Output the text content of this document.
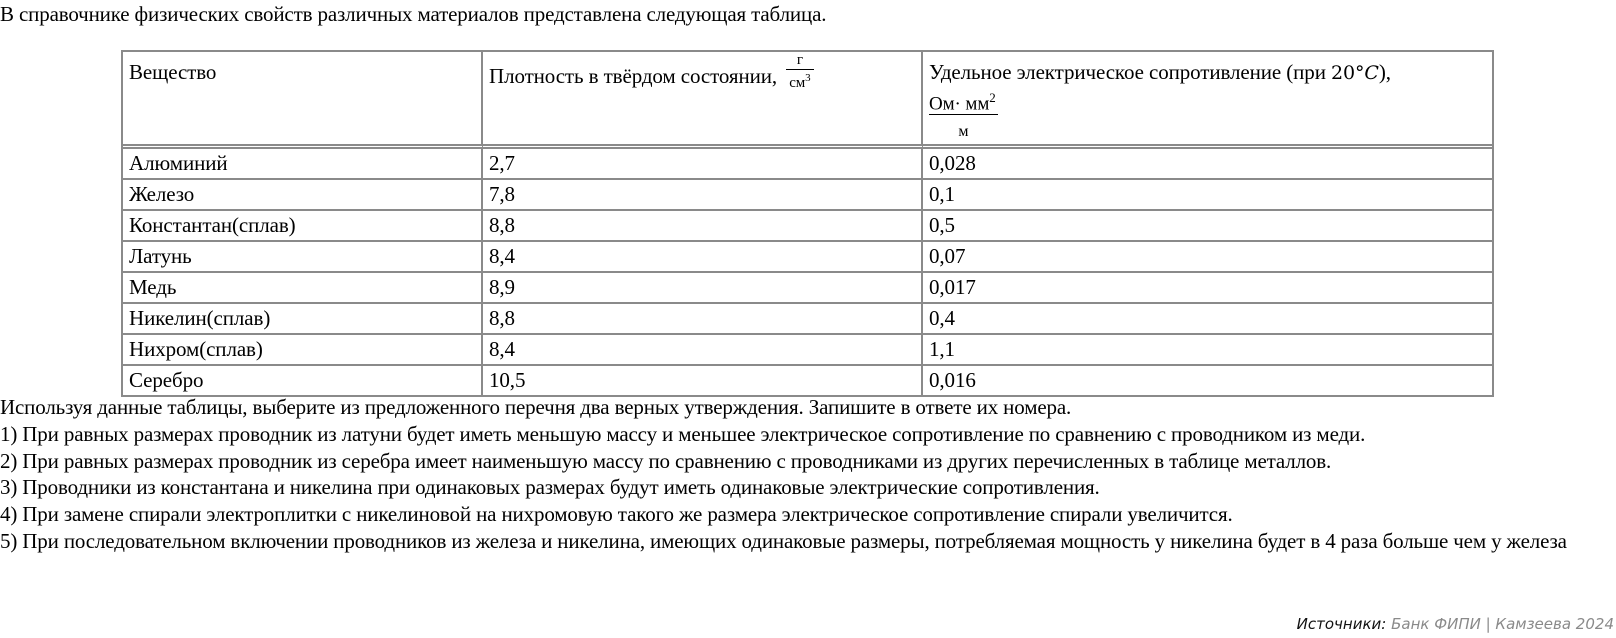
В справочнике физических свойств различных материалов представлена следующая таблица.
Вещество	Плотность в твёрдом состоянии, $\frac{г}{см^3}$	Удельное электрическое сопротивление (при 20°C),
$\frac{Ом\cdot мм^2}{м}$

Алюминий	2,7	0,028
Железо	7,8	0,1
Константан(сплав)	8,8	0,5
Латунь	8,4	0,07
Медь	8,9	0,017
Никелин(сплав)	8,8	0,4
Нихром(сплав)	8,4	1,1
Серебро	10,5	0,016

Используя данные таблицы, выберите из предложенного перечня два верных утверждения. Запишите в ответе их номера.

1) При равных размерах проводник из латуни будет иметь меньшую массу и меньшее электрическое сопротивление по сравнению с проводником из меди.

2) При равных размерах проводник из серебра имеет наименьшую массу по сравнению с проводниками из других перечисленных в таблице металлов.

3) Проводники из константана и никелина при одинаковых размерах будут иметь одинаковые электрические сопротивления.

4) При замене спирали электроплитки с никелиновой на нихромовую такого же размера электрическое сопротивление спирали увеличится.

5) При последовательном включении проводников из железа и никелина, имеющих одинаковые размеры, потребляемая мощность у никелина будет в 4 раза больше чем у железа

Источники: Банк ФИПИ | Камзеева 2024
